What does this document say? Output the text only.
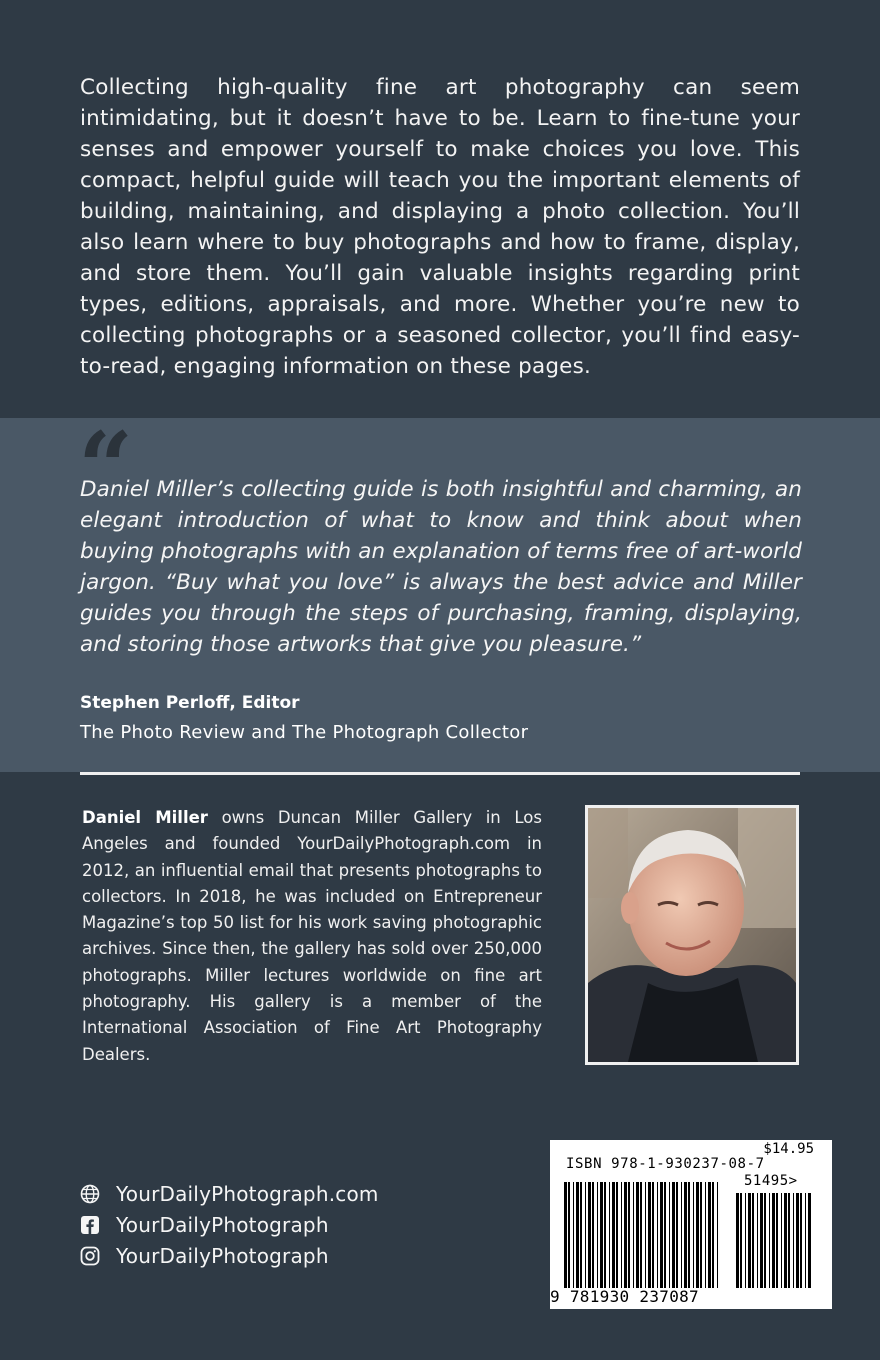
Collecting high-quality fine art photography can seem intimidating, but it doesn’t have to be. Learn to fine-tune your senses and empower yourself to make choices you love. This compact, helpful guide will teach you the important elements of building, maintaining, and displaying a photo collection. You’ll also learn where to buy photographs and how to frame, display, and store them. You’ll gain valuable insights regarding print types, editions, appraisals, and more. Whether you’re new to collecting photographs or a seasoned collector, you’ll find easy-to-read, engaging information on these pages.

“

Daniel Miller’s collecting guide is both insightful and charming, an elegant introduction of what to know and think about when buying photographs with an explanation of terms free of art-world jargon. “Buy what you love” is always the best advice and Miller guides you through the steps of purchasing, framing, displaying, and storing those artworks that give you pleasure.”

Stephen Perloff, Editor
The Photo Review and The Photograph Collector

Daniel Miller owns Duncan Miller Gallery in Los Angeles and founded YourDailyPhotograph.com in 2012, an influential email that presents photographs to collectors. In 2018, he was included on Entrepreneur Magazine’s top 50 list for his work saving photographic archives. Since then, the gallery has sold over 250,000 photographs. Miller lectures worldwide on fine art photography. His gallery is a member of the International Association of Fine Art Photography Dealers.

YourDailyPhotograph.com
YourDailyPhotograph
YourDailyPhotograph
$14.95
ISBN 978-1-930237-08-7
51495>
9 781930 237087
